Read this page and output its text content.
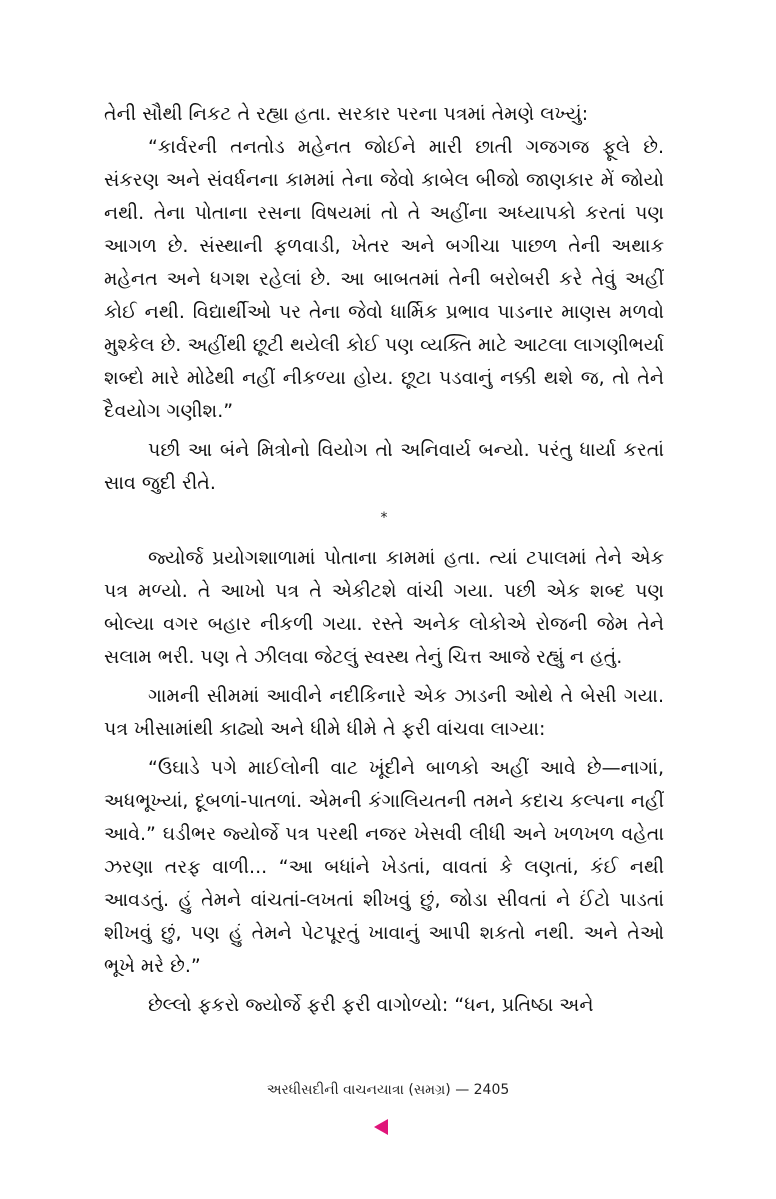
તેની સૌથી નિકટ તે રહ્યા હતા. સરકાર પરના પત્રમાં તેમણે લખ્યું:

“કાર્વરની તનતોડ મહેનત જોઈને મારી છાતી ગજગજ ફૂલે છે. સંકરણ અને સંવર્ધનના કામમાં તેના જેવો કાબેલ બીજો જાણકાર મેં જોયો નથી. તેના પોતાના રસના વિષયમાં તો તે અહીંના અધ્યાપકો કરતાં પણ આગળ છે. સંસ્થાની ફળવાડી, ખેતર અને બગીચા પાછળ તેની અથાક મહેનત અને ધગશ રહેલાં છે. આ બાબતમાં તેની બરોબરી કરે તેવું અહીં કોઈ નથી. વિદ્યાર્થીઓ પર તેના જેવો ધાર્મિક પ્રભાવ પાડનાર માણસ મળવો મુશ્કેલ છે. અહીંથી છૂટી થયેલી કોઈ પણ વ્યક્તિ માટે આટલા લાગણીભર્યા શબ્દો મારે મોઢેથી નહીં નીકળ્યા હોય. છૂટા પડવાનું નક્કી થશે જ, તો તેને દૈવયોગ ગણીશ.”

પછી આ બંને મિત્રોનો વિયોગ તો અનિવાર્ય બન્યો. પરંતુ ધાર્યા કરતાં સાવ જુદી રીતે.

*

જ્યોર્જ પ્રયોગશાળામાં પોતાના કામમાં હતા. ત્યાં ટપાલમાં તેને એક પત્ર મળ્યો. તે આખો પત્ર તે એકીટશે વાંચી ગયા. પછી એક શબ્દ પણ બોલ્યા વગર બહાર નીકળી ગયા. રસ્તે અનેક લોકોએ રોજની જેમ તેને સલામ ભરી. પણ તે ઝીલવા જેટલું સ્વસ્થ તેનું ચિત્ત આજે રહ્યું ન હતું.

ગામની સીમમાં આવીને નદીકિનારે એક ઝાડની ઓથે તે બેસી ગયા. પત્ર ખીસામાંથી કાઢ્યો અને ધીમે ધીમે તે ફરી વાંચવા લાગ્યા:

“ઉઘાડે પગે માઈલોની વાટ ખૂંદીને બાળકો અહીં આવે છે—નાગાં, અધભૂખ્યાં, દૂબળાં-પાતળાં. એમની કંગાલિયતની તમને કદાચ કલ્પના નહીં આવે.” ઘડીભર જ્યોર્જે પત્ર પરથી નજર ખેસવી લીધી અને ખળખળ વહેતા ઝરણા તરફ વાળી... “આ બધાંને ખેડતાં, વાવતાં કે લણતાં, કંઈ નથી આવડતું. હું તેમને વાંચતાં-લખતાં શીખવું છું, જોડા સીવતાં ને ઈંટો પાડતાં શીખવું છું, પણ હું તેમને પેટપૂરતું ખાવાનું આપી શકતો નથી. અને તેઓ ભૂખે મરે છે.”

છેલ્લો ફકરો જ્યોર્જે ફરી ફરી વાગોળ્યો: “ધન, પ્રતિષ્ઠા અને

અરધીસદીની વાચનયાત્રા (સમગ્ર) — 2405
